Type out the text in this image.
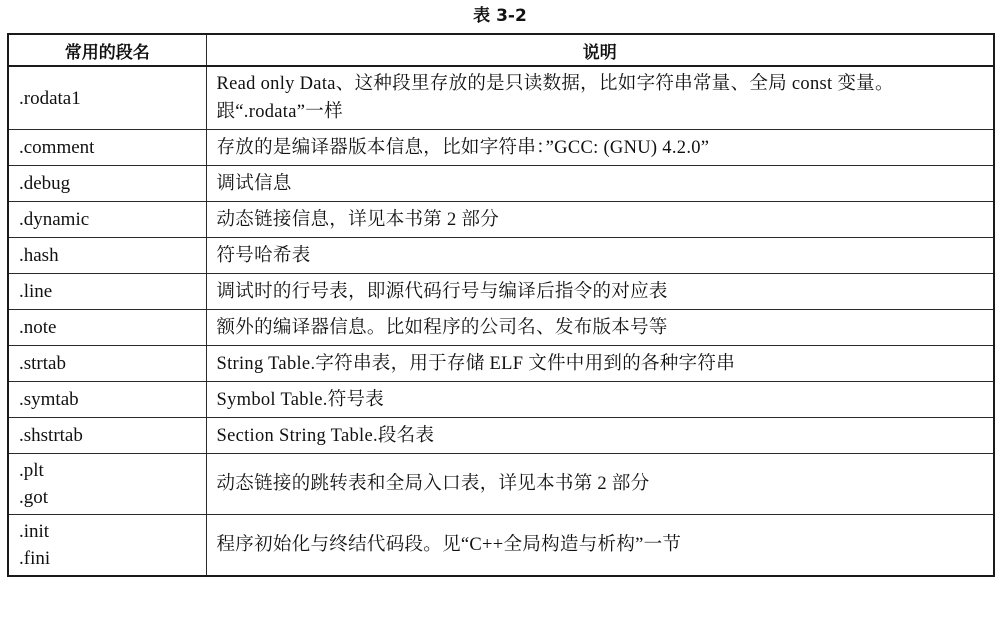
表 3-2
常用的段名	说明

.rodata1	Read only Data、这种段里存放的是只读数据，比如字符串常量、全局 const 变量。跟“.rodata”一样

.comment	存放的是编译器版本信息，比如字符串：”GCC: (GNU) 4.2.0”

.debug	调试信息

.dynamic	动态链接信息，详见本书第 2 部分

.hash	符号哈希表

.line	调试时的行号表，即源代码行号与编译后指令的对应表

.note	额外的编译器信息。比如程序的公司名、发布版本号等

.strtab	String Table.字符串表，用于存储 ELF 文件中用到的各种字符串

.symtab	Symbol Table.符号表

.shstrtab	Section String Table.段名表

.plt
.got	动态链接的跳转表和全局入口表，详见本书第 2 部分

.init
.fini	程序初始化与终结代码段。见“C++全局构造与析构”一节
